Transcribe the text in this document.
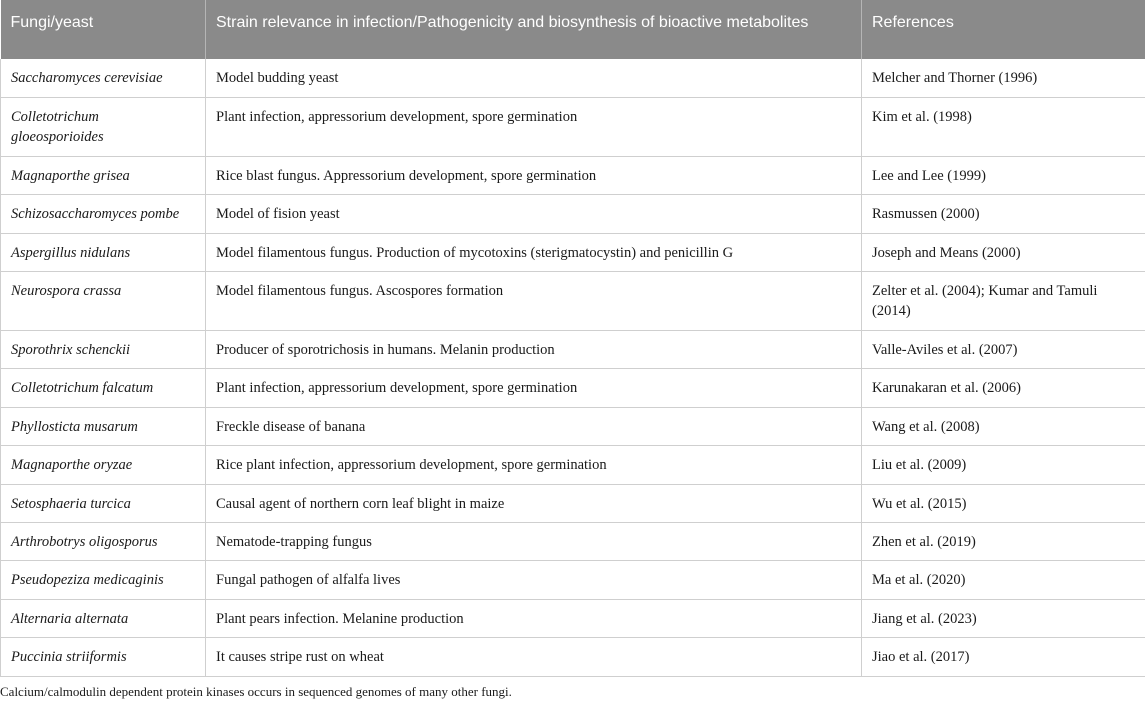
Fungi/yeast	Strain relevance in infection/Pathogenicity and biosynthesis of bioactive metabolites	References
Saccharomyces cerevisiae	Model budding yeast	Melcher and Thorner (1996)
Colletotrichum gloeosporioides	Plant infection, appressorium development, spore germination	Kim et al. (1998)
Magnaporthe grisea	Rice blast fungus. Appressorium development, spore germination	Lee and Lee (1999)
Schizosaccharomyces pombe	Model of fision yeast	Rasmussen (2000)
Aspergillus nidulans	Model filamentous fungus. Production of mycotoxins (sterigmatocystin) and penicillin G	Joseph and Means (2000)
Neurospora crassa	Model filamentous fungus. Ascospores formation	Zelter et al. (2004); Kumar and Tamuli (2014)
Sporothrix schenckii	Producer of sporotrichosis in humans. Melanin production	Valle-Aviles et al. (2007)
Colletotrichum falcatum	Plant infection, appressorium development, spore germination	Karunakaran et al. (2006)
Phyllosticta musarum	Freckle disease of banana	Wang et al. (2008)
Magnaporthe oryzae	Rice plant infection, appressorium development, spore germination	Liu et al. (2009)
Setosphaeria turcica	Causal agent of northern corn leaf blight in maize	Wu et al. (2015)
Arthrobotrys oligosporus	Nematode-trapping fungus	Zhen et al. (2019)
Pseudopeziza medicaginis	Fungal pathogen of alfalfa lives	Ma et al. (2020)
Alternaria alternata	Plant pears infection. Melanine production	Jiang et al. (2023)
Puccinia striiformis	It causes stripe rust on wheat	Jiao et al. (2017)
Calcium/calmodulin dependent protein kinases occurs in sequenced genomes of many other fungi.
